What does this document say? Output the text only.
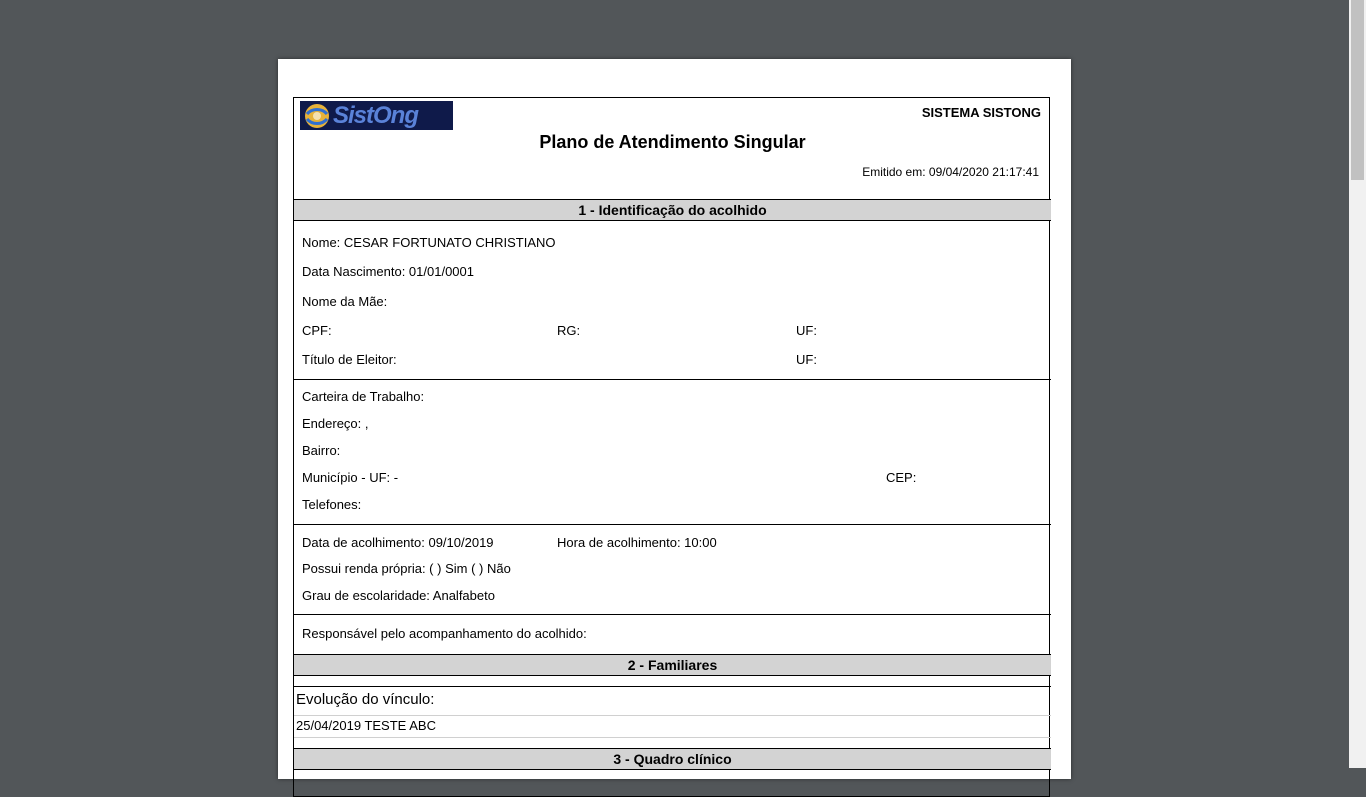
SistOng	SISTEMA SISTONG
Plano de Atendimento Singular
Emitido em: 09/04/2020 21:17:41
1 - Identificação do acolhido
Nome: CESAR FORTUNATO CHRISTIANO
Data Nascimento: 01/01/0001
Nome da Mãe:
CPF:	RG:	UF:
Título de Eleitor:	UF:
Carteira de Trabalho:
Endereço: ,
Bairro:
Município - UF: -	CEP:
Telefones:
Data de acolhimento: 09/10/2019	Hora de acolhimento: 10:00
Possui renda própria: ( ) Sim ( ) Não
Grau de escolaridade: Analfabeto
Responsável pelo acompanhamento do acolhido:
2 - Familiares
Evolução do vínculo:
25/04/2019 TESTE ABC
3 - Quadro clínico
